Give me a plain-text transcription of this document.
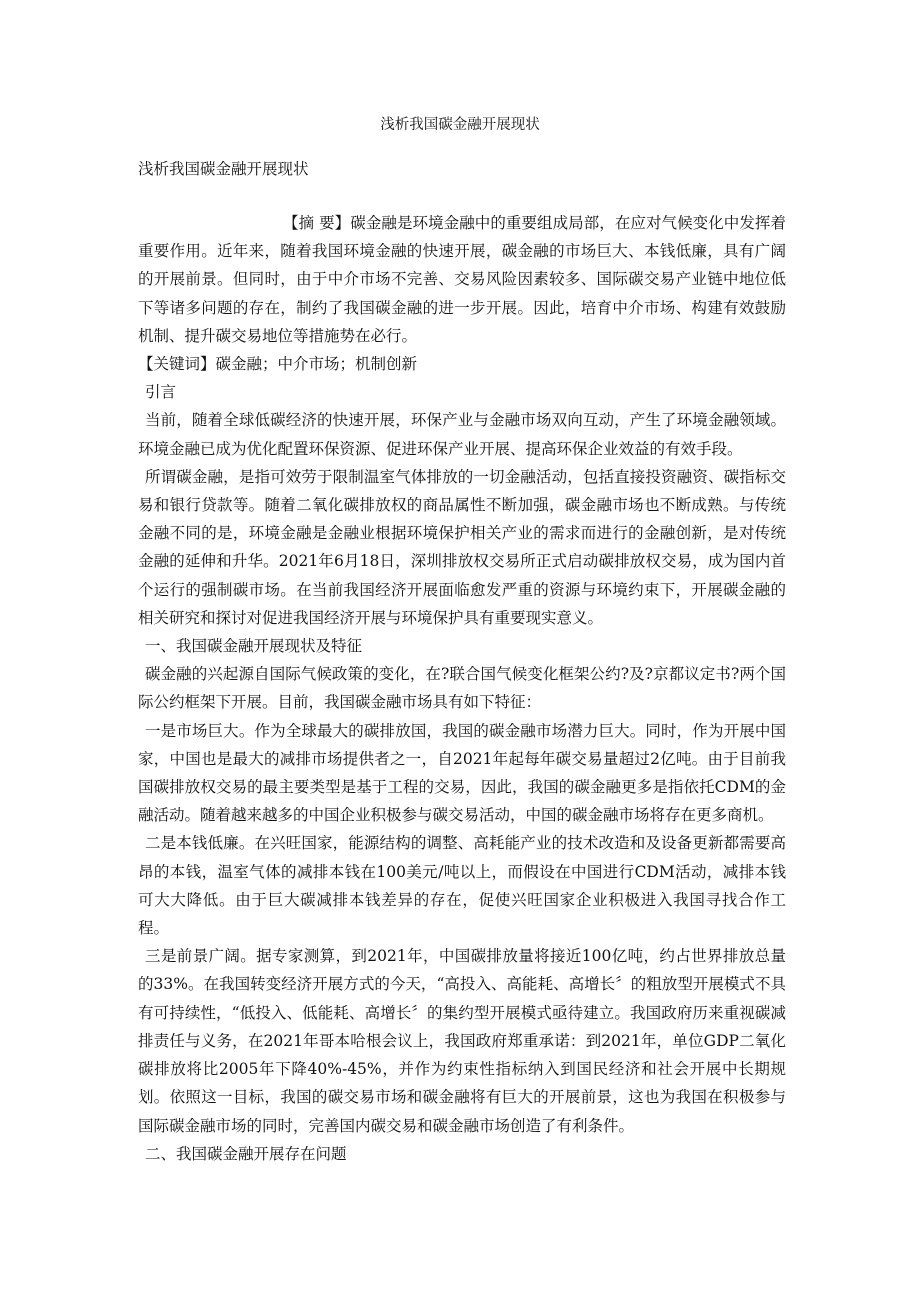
浅析我国碳金融开展现状
浅析我国碳金融开展现状

【摘 要】碳金融是环境金融中的重要组成局部，在应对气候变化中发挥着重要作用。近年来，随着我国环境金融的快速开展，碳金融的市场巨大、本钱低廉，具有广阔的开展前景。但同时，由于中介市场不完善、交易风险因素较多、国际碳交易产业链中地位低下等诸多问题的存在，制约了我国碳金融的进一步开展。因此，培育中介市场、构建有效鼓励机制、提升碳交易地位等措施势在必行。

【关键词】碳金融；中介市场；机制创新

引言

当前，随着全球低碳经济的快速开展，环保产业与金融市场双向互动，产生了环境金融领域。环境金融已成为优化配置环保资源、促进环保产业开展、提高环保企业效益的有效手段。

所谓碳金融，是指可效劳于限制温室气体排放的一切金融活动，包括直接投资融资、碳指标交易和银行贷款等。随着二氧化碳排放权的商品属性不断加强，碳金融市场也不断成熟。与传统金融不同的是，环境金融是金融业根据环境保护相关产业的需求而进行的金融创新，是对传统金融的延伸和升华。2021年6月18日，深圳排放权交易所正式启动碳排放权交易，成为国内首个运行的强制碳市场。在当前我国经济开展面临愈发严重的资源与环境约束下，开展碳金融的相关研究和探讨对促进我国经济开展与环境保护具有重要现实意义。

一、我国碳金融开展现状及特征

碳金融的兴起源自国际气候政策的变化，在?联合国气候变化框架公约?及?京都议定书?两个国际公约框架下开展。目前，我国碳金融市场具有如下特征：

一是市场巨大。作为全球最大的碳排放国，我国的碳金融市场潜力巨大。同时，作为开展中国家，中国也是最大的减排市场提供者之一，自2021年起每年碳交易量超过2亿吨。由于目前我国碳排放权交易的最主要类型是基于工程的交易，因此，我国的碳金融更多是指依托CDM的金融活动。随着越来越多的中国企业积极参与碳交易活动，中国的碳金融市场将存在更多商机。

二是本钱低廉。在兴旺国家，能源结构的调整、高耗能产业的技术改造和及设备更新都需要高昂的本钱，温室气体的减排本钱在100美元/吨以上，而假设在中国进行CDM活动，减排本钱可大大降低。由于巨大碳减排本钱差异的存在，促使兴旺国家企业积极进入我国寻找合作工程。

三是前景广阔。据专家测算，到2021年，中国碳排放量将接近100亿吨，约占世界排放总量的33%。在我国转变经济开展方式的今天，“高投入、高能耗、高增长〞的粗放型开展模式不具有可持续性，“低投入、低能耗、高增长〞的集约型开展模式亟待建立。我国政府历来重视碳减排责任与义务，在2021年哥本哈根会议上，我国政府郑重承诺：到2021年，单位GDP二氧化碳排放将比2005年下降40%-45%，并作为约束性指标纳入到国民经济和社会开展中长期规划。依照这一目标，我国的碳交易市场和碳金融将有巨大的开展前景，这也为我国在积极参与国际碳金融市场的同时，完善国内碳交易和碳金融市场创造了有利条件。

二、我国碳金融开展存在问题
